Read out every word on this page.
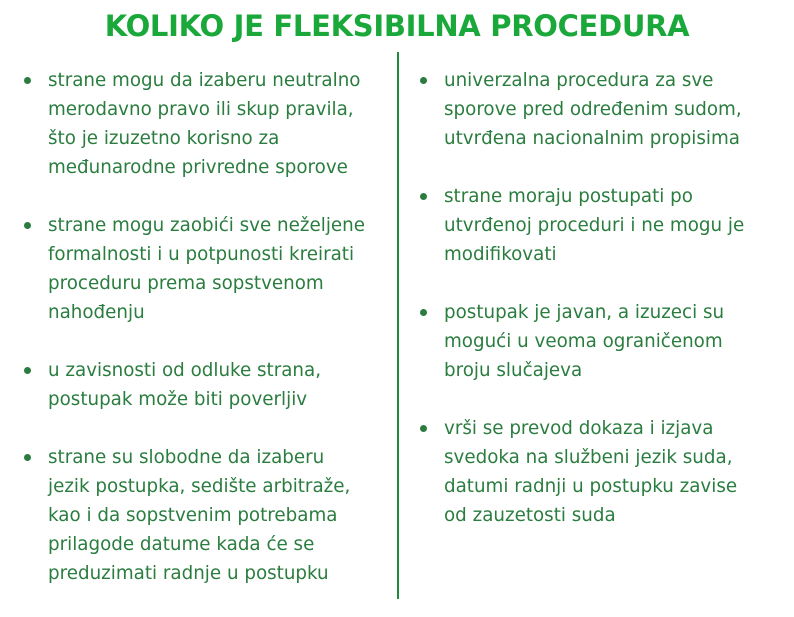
KOLIKO JE FLEKSIBILNA PROCEDURA
strane mogu da izaberu neutralno
merodavno pravo ili skup pravila,
što je izuzetno korisno za
međunarodne privredne sporove
strane mogu zaobići sve neželjene
formalnosti i u potpunosti kreirati
proceduru prema sopstvenom
nahođenju
u zavisnosti od odluke strana,
postupak može biti poverljiv
strane su slobodne da izaberu
jezik postupka, sedište arbitraže,
kao i da sopstvenim potrebama
prilagode datume kada će se
preduzimati radnje u postupku
univerzalna procedura za sve
sporove pred određenim sudom,
utvrđena nacionalnim propisima
strane moraju postupati po
utvrđenoj proceduri i ne mogu je
modifikovati
postupak je javan, a izuzeci su
mogući u veoma ograničenom
broju slučajeva
vrši se prevod dokaza i izjava
svedoka na službeni jezik suda,
datumi radnji u postupku zavise
od zauzetosti suda
